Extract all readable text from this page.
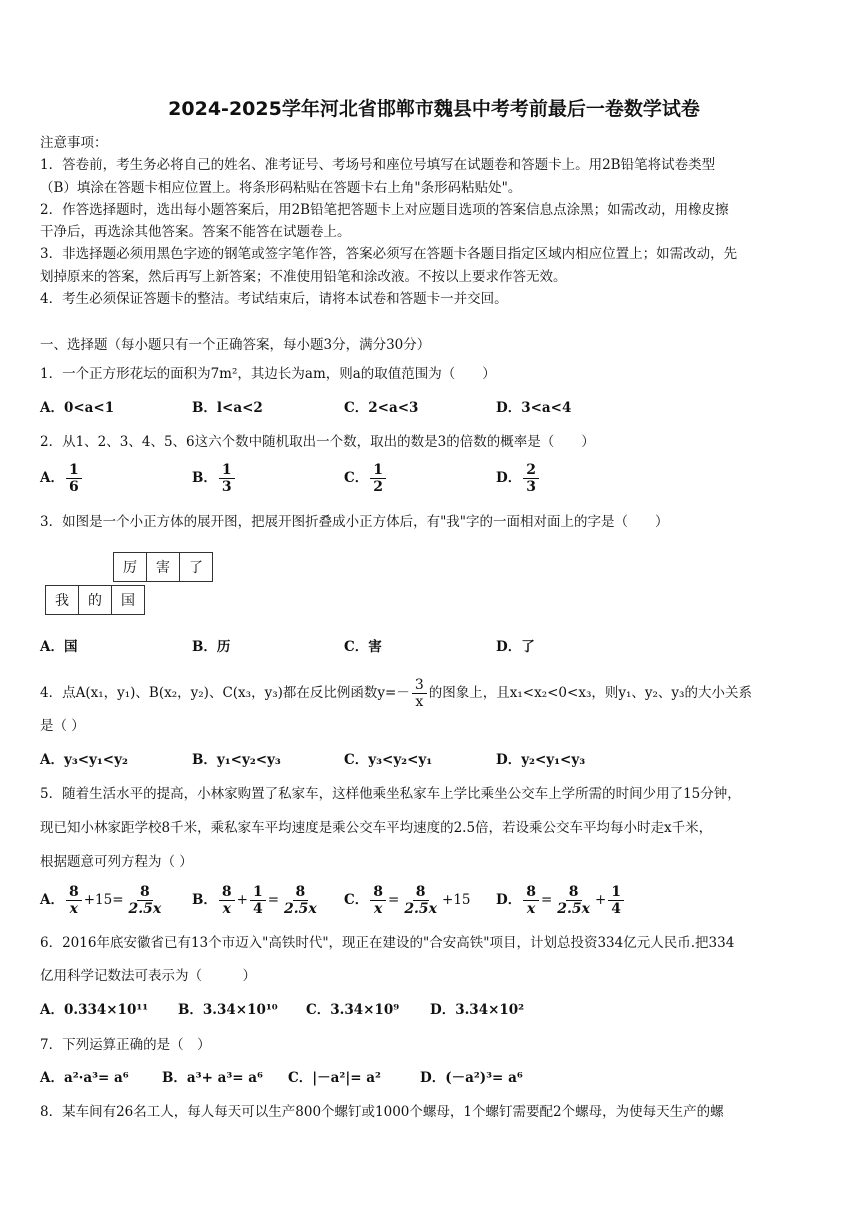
2024-2025学年河北省邯郸市魏县中考考前最后一卷数学试卷
注意事项：
1．答卷前，考生务必将自己的姓名、准考证号、考场号和座位号填写在试题卷和答题卡上。用2B铅笔将试卷类型
（B）填涂在答题卡相应位置上。将条形码粘贴在答题卡右上角"条形码粘贴处"。
2．作答选择题时，选出每小题答案后，用2B铅笔把答题卡上对应题目选项的答案信息点涂黑；如需改动，用橡皮擦
干净后，再选涂其他答案。答案不能答在试题卷上。
3．非选择题必须用黑色字迹的钢笔或签字笔作答，答案必须写在答题卡各题目指定区域内相应位置上；如需改动，先
划掉原来的答案，然后再写上新答案；不准使用铅笔和涂改液。不按以上要求作答无效。
4．考生必须保证答题卡的整洁。考试结束后，请将本试卷和答题卡一并交回。
一、选择题（每小题只有一个正确答案，每小题3分，满分30分）
1．一个正方形花坛的面积为7m²，其边长为am，则a的取值范围为（　　）
A．0<a<1	B．l<a<2	C．2<a<3	D．3<a<4
2．从1、2、3、4、5、6这六个数中随机取出一个数，取出的数是3的倍数的概率是（　　）
A． $\frac{1}{6}$	B． $\frac{1}{3}$	C． $\frac{1}{2}$	D． $\frac{2}{3}$
3．如图是一个小正方体的展开图，把展开图折叠成小正方体后，有"我"字的一面相对面上的字是（　　）
厉	害	了
我	的	国
A．国	B．历	C．害	D．了
4．点A(x₁，y₁)、B(x₂，y₂)、C(x₃，y₃)都在反比例函数$y=- \frac{3}{x}$ 的图象上，且x₁<x₂<0<x₃，则y₁、y₂、y₃的大小关系
是（ ）
A．y₃<y₁<y₂	B．y₁<y₂<y₃	C．y₃<y₂<y₁	D．y₂<y₁<y₃
5．随着生活水平的提高，小林家购置了私家车，这样他乘坐私家车上学比乘坐公交车上学所需的时间少用了15分钟，
现已知小林家距学校8千米，乘私家车平均速度是乘公交车平均速度的2.5倍，若设乘公交车平均每小时走x千米，
根据题意可列方程为（ ）
A． $\frac{8}{x} +15= \frac{8}{2.5x}$ B． $\frac{8}{x} + \frac{1}{4} = \frac{8}{2.5x}$ C． $\frac{8}{x} = \frac{8}{2.5x} +15$ D． $\frac{8}{x} = \frac{8}{2.5x} + \frac{1}{4}$
6．2016年底安徽省已有13个市迈入"高铁时代"，现正在建设的"合安高铁"项目，计划总投资334亿元人民币.把334
亿用科学记数法可表示为（　　　）
A．0.334×10¹¹ B．3.34×10¹⁰ C．3.34×10⁹ D．3.34×10²
7．下列运算正确的是（　）
A．a²·a³= a⁶ B．a³+ a³= a⁶ C．|－a²|= a²	D．(－a²)³= a⁶
8．某车间有26名工人，每人每天可以生产800个螺钉或1000个螺母，1个螺钉需要配2个螺母，为使每天生产的螺
